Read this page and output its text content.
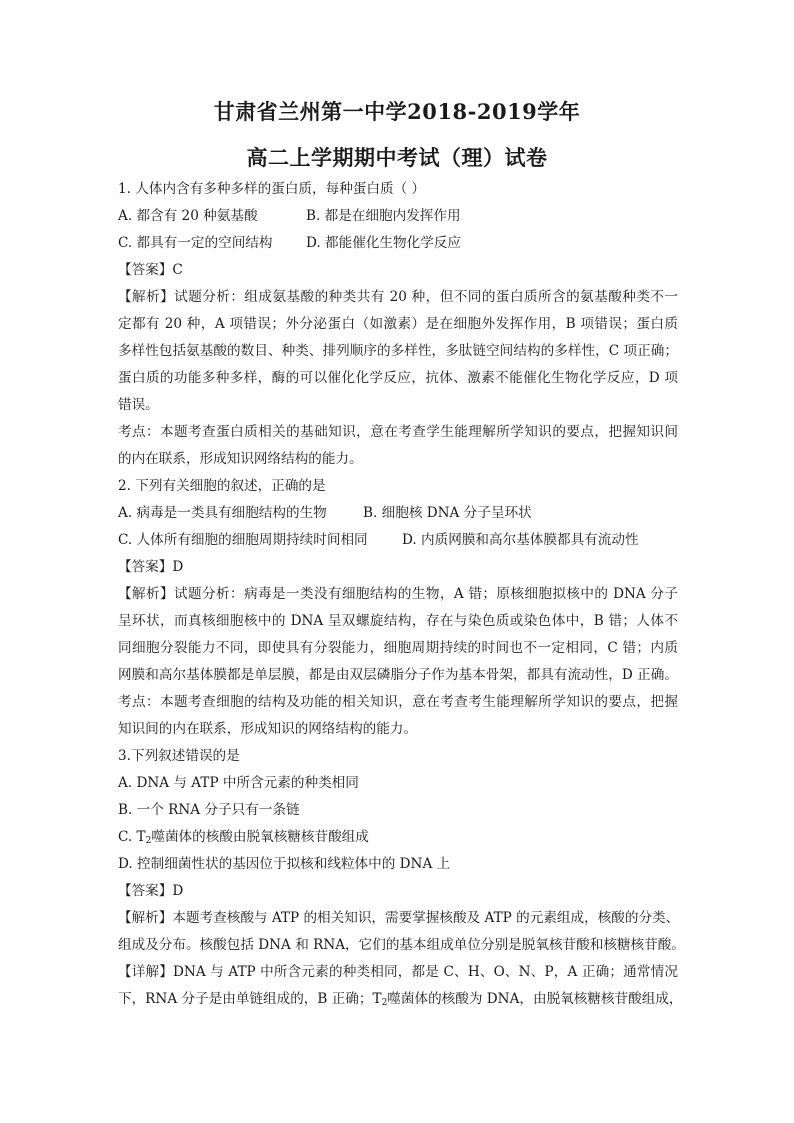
甘肃省兰州第一中学2018-2019学年
高二上学期期中考试（理）试卷
1. 人体内含有多种多样的蛋白质，每种蛋白质（ ）
A. 都含有 20 种氨基酸	B. 都是在细胞内发挥作用
C. 都具有一定的空间结构 D. 都能催化生物化学反应
【答案】C
【解析】试题分析：组成氨基酸的种类共有 20 种，但不同的蛋白质所含的氨基酸种类不一
定都有 20 种，A 项错误；外分泌蛋白（如激素）是在细胞外发挥作用，B 项错误；蛋白质
多样性包括氨基酸的数目、种类、排列顺序的多样性，多肽链空间结构的多样性，C 项正确；
蛋白质的功能多种多样，酶的可以催化化学反应，抗体、激素不能催化生物化学反应，D 项
错误。
考点：本题考查蛋白质相关的基础知识，意在考查学生能理解所学知识的要点，把握知识间
的内在联系，形成知识网络结构的能力。
2. 下列有关细胞的叙述，正确的是
A. 病毒是一类具有细胞结构的生物	B. 细胞核 DNA 分子呈环状
C. 人体所有细胞的细胞周期持续时间相同	D. 内质网膜和高尔基体膜都具有流动性
【答案】D
【解析】试题分析：病毒是一类没有细胞结构的生物，A 错；原核细胞拟核中的 DNA 分子
呈环状，而真核细胞核中的 DNA 呈双螺旋结构，存在与染色质或染色体中，B 错；人体不
同细胞分裂能力不同，即使具有分裂能力，细胞周期持续的时间也不一定相同，C 错；内质
网膜和高尔基体膜都是单层膜，都是由双层磷脂分子作为基本骨架，都具有流动性，D 正确。
考点：本题考查细胞的结构及功能的相关知识，意在考查考生能理解所学知识的要点，把握
知识间的内在联系，形成知识的网络结构的能力。
3.下列叙述错误的是
A. DNA 与 ATP 中所含元素的种类相同
B. 一个 RNA 分子只有一条链
C. $T_2$噬菌体的核酸由脱氧核糖核苷酸组成
D. 控制细菌性状的基因位于拟核和线粒体中的 DNA 上
【答案】D
【解析】本题考查核酸与 ATP 的相关知识，需要掌握核酸及 ATP 的元素组成，核酸的分类、
组成及分布。核酸包括 DNA 和 RNA，它们的基本组成单位分别是脱氧核苷酸和核糖核苷酸。
【详解】DNA 与 ATP 中所含元素的种类相同，都是 C、H、O、N、P，A 正确；通常情况
下，RNA 分子是由单链组成的，B 正确；$T_2$噬菌体的核酸为 DNA，由脱氧核糖核苷酸组成，
